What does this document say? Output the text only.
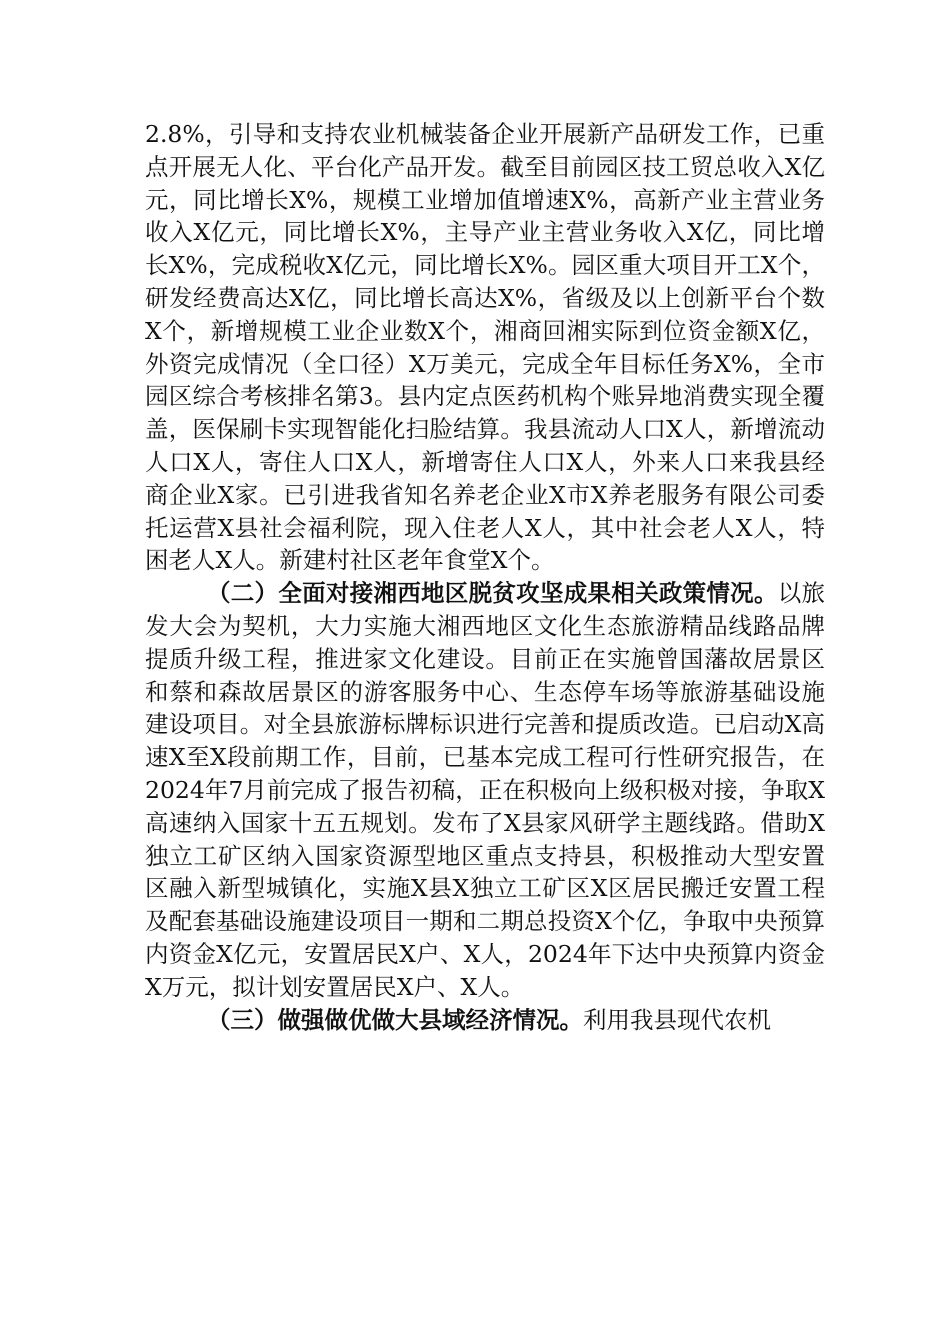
2.8%，引导和支持农业机械装备企业开展新产品研发工作，已重点开展无人化、平台化产品开发。截至目前园区技工贸总收入X亿元，同比增长X%，规模工业增加值增速X%，高新产业主营业务收入X亿元，同比增长X%，主导产业主营业务收入X亿，同比增长X%，完成税收X亿元，同比增长X%。园区重大项目开工X个，研发经费高达X亿，同比增长高达X%，省级及以上创新平台个数X个，新增规模工业企业数X个，湘商回湘实际到位资金额X亿，外资完成情况（全口径）X万美元，完成全年目标任务X%，全市园区综合考核排名第3。县内定点医药机构个账异地消费实现全覆盖，医保刷卡实现智能化扫脸结算。我县流动人口X人，新增流动人口X人，寄住人口X人，新增寄住人口X人，外来人口来我县经商企业X家。已引进我省知名养老企业X市X养老服务有限公司委托运营X县社会福利院，现入住老人X人，其中社会老人X人，特困老人X人。新建村社区老年食堂X个。

（二）全面对接湘西地区脱贫攻坚成果相关政策情况。以旅发大会为契机，大力实施大湘西地区文化生态旅游精品线路品牌提质升级工程，推进家文化建设。目前正在实施曾国藩故居景区和蔡和森故居景区的游客服务中心、生态停车场等旅游基础设施建设项目。对全县旅游标牌标识进行完善和提质改造。已启动X高速X至X段前期工作，目前，已基本完成工程可行性研究报告，在2024年7月前完成了报告初稿，正在积极向上级积极对接，争取X高速纳入国家十五五规划。发布了X县家风研学主题线路。借助X独立工矿区纳入国家资源型地区重点支持县，积极推动大型安置区融入新型城镇化，实施X县X独立工矿区X区居民搬迁安置工程及配套基础设施建设项目一期和二期总投资X个亿，争取中央预算内资金X亿元，安置居民X户、X人，2024年下达中央预算内资金X万元，拟计划安置居民X户、X人。

（三）做强做优做大县域经济情况。利用我县现代农机
